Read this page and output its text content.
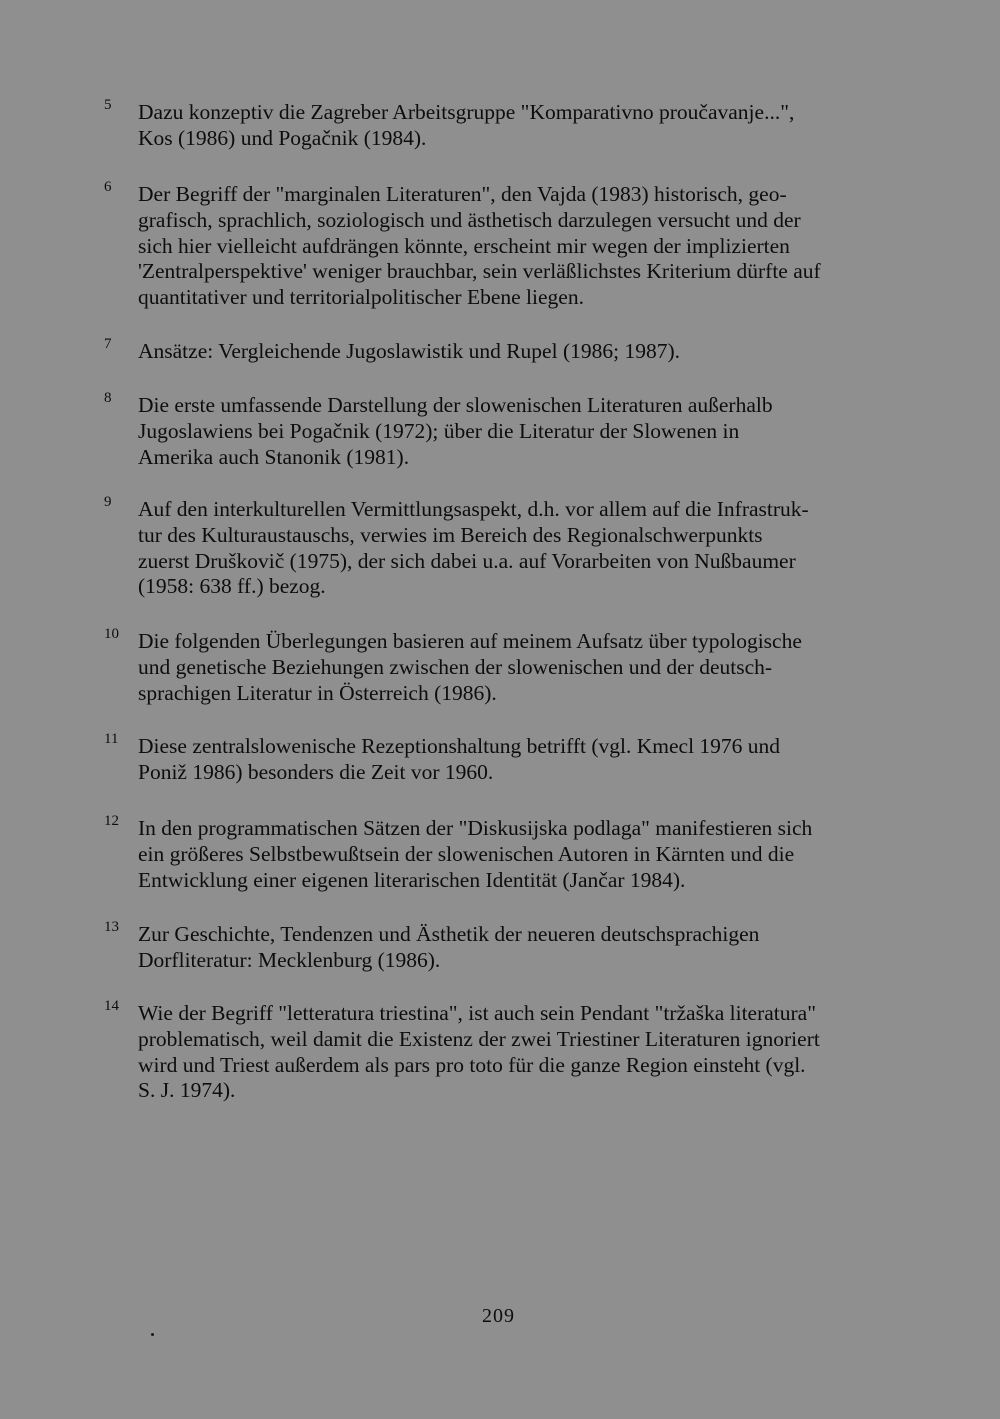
5 Dazu konzeptiv die Zagreber Arbeitsgruppe "Komparativno proučavanje...",
Kos (1986) und Pogačnik (1984).
6 Der Begriff der "marginalen Literaturen", den Vajda (1983) historisch, geo-
grafisch, sprachlich, soziologisch und ästhetisch darzulegen versucht und der
sich hier vielleicht aufdrängen könnte, erscheint mir wegen der implizierten
'Zentralperspektive' weniger brauchbar, sein verläßlichstes Kriterium dürfte auf
quantitativer und territorialpolitischer Ebene liegen.
7 Ansätze: Vergleichende Jugoslawistik und Rupel (1986; 1987).
8 Die erste umfassende Darstellung der slowenischen Literaturen außerhalb
Jugoslawiens bei Pogačnik (1972); über die Literatur der Slowenen in
Amerika auch Stanonik (1981).
9 Auf den interkulturellen Vermittlungsaspekt, d.h. vor allem auf die Infrastruk-
tur des Kulturaustauschs, verwies im Bereich des Regionalschwerpunkts
zuerst Druškovič (1975), der sich dabei u.a. auf Vorarbeiten von Nußbaumer
(1958: 638 ff.) bezog.
10 Die folgenden Überlegungen basieren auf meinem Aufsatz über typologische
und genetische Beziehungen zwischen der slowenischen und der deutsch-
sprachigen Literatur in Österreich (1986).
11 Diese zentralslowenische Rezeptionshaltung betrifft (vgl. Kmecl 1976 und
Poniž 1986) besonders die Zeit vor 1960.
12 In den programmatischen Sätzen der "Diskusijska podlaga" manifestieren sich
ein größeres Selbstbewußtsein der slowenischen Autoren in Kärnten und die
Entwicklung einer eigenen literarischen Identität (Jančar 1984).
13 Zur Geschichte, Tendenzen und Ästhetik der neueren deutschsprachigen
Dorfliteratur: Mecklenburg (1986).
14 Wie der Begriff "letteratura triestina", ist auch sein Pendant "tržaška literatura"
problematisch, weil damit die Existenz der zwei Triestiner Literaturen ignoriert
wird und Triest außerdem als pars pro toto für die ganze Region einsteht (vgl.
S. J. 1974).
209
